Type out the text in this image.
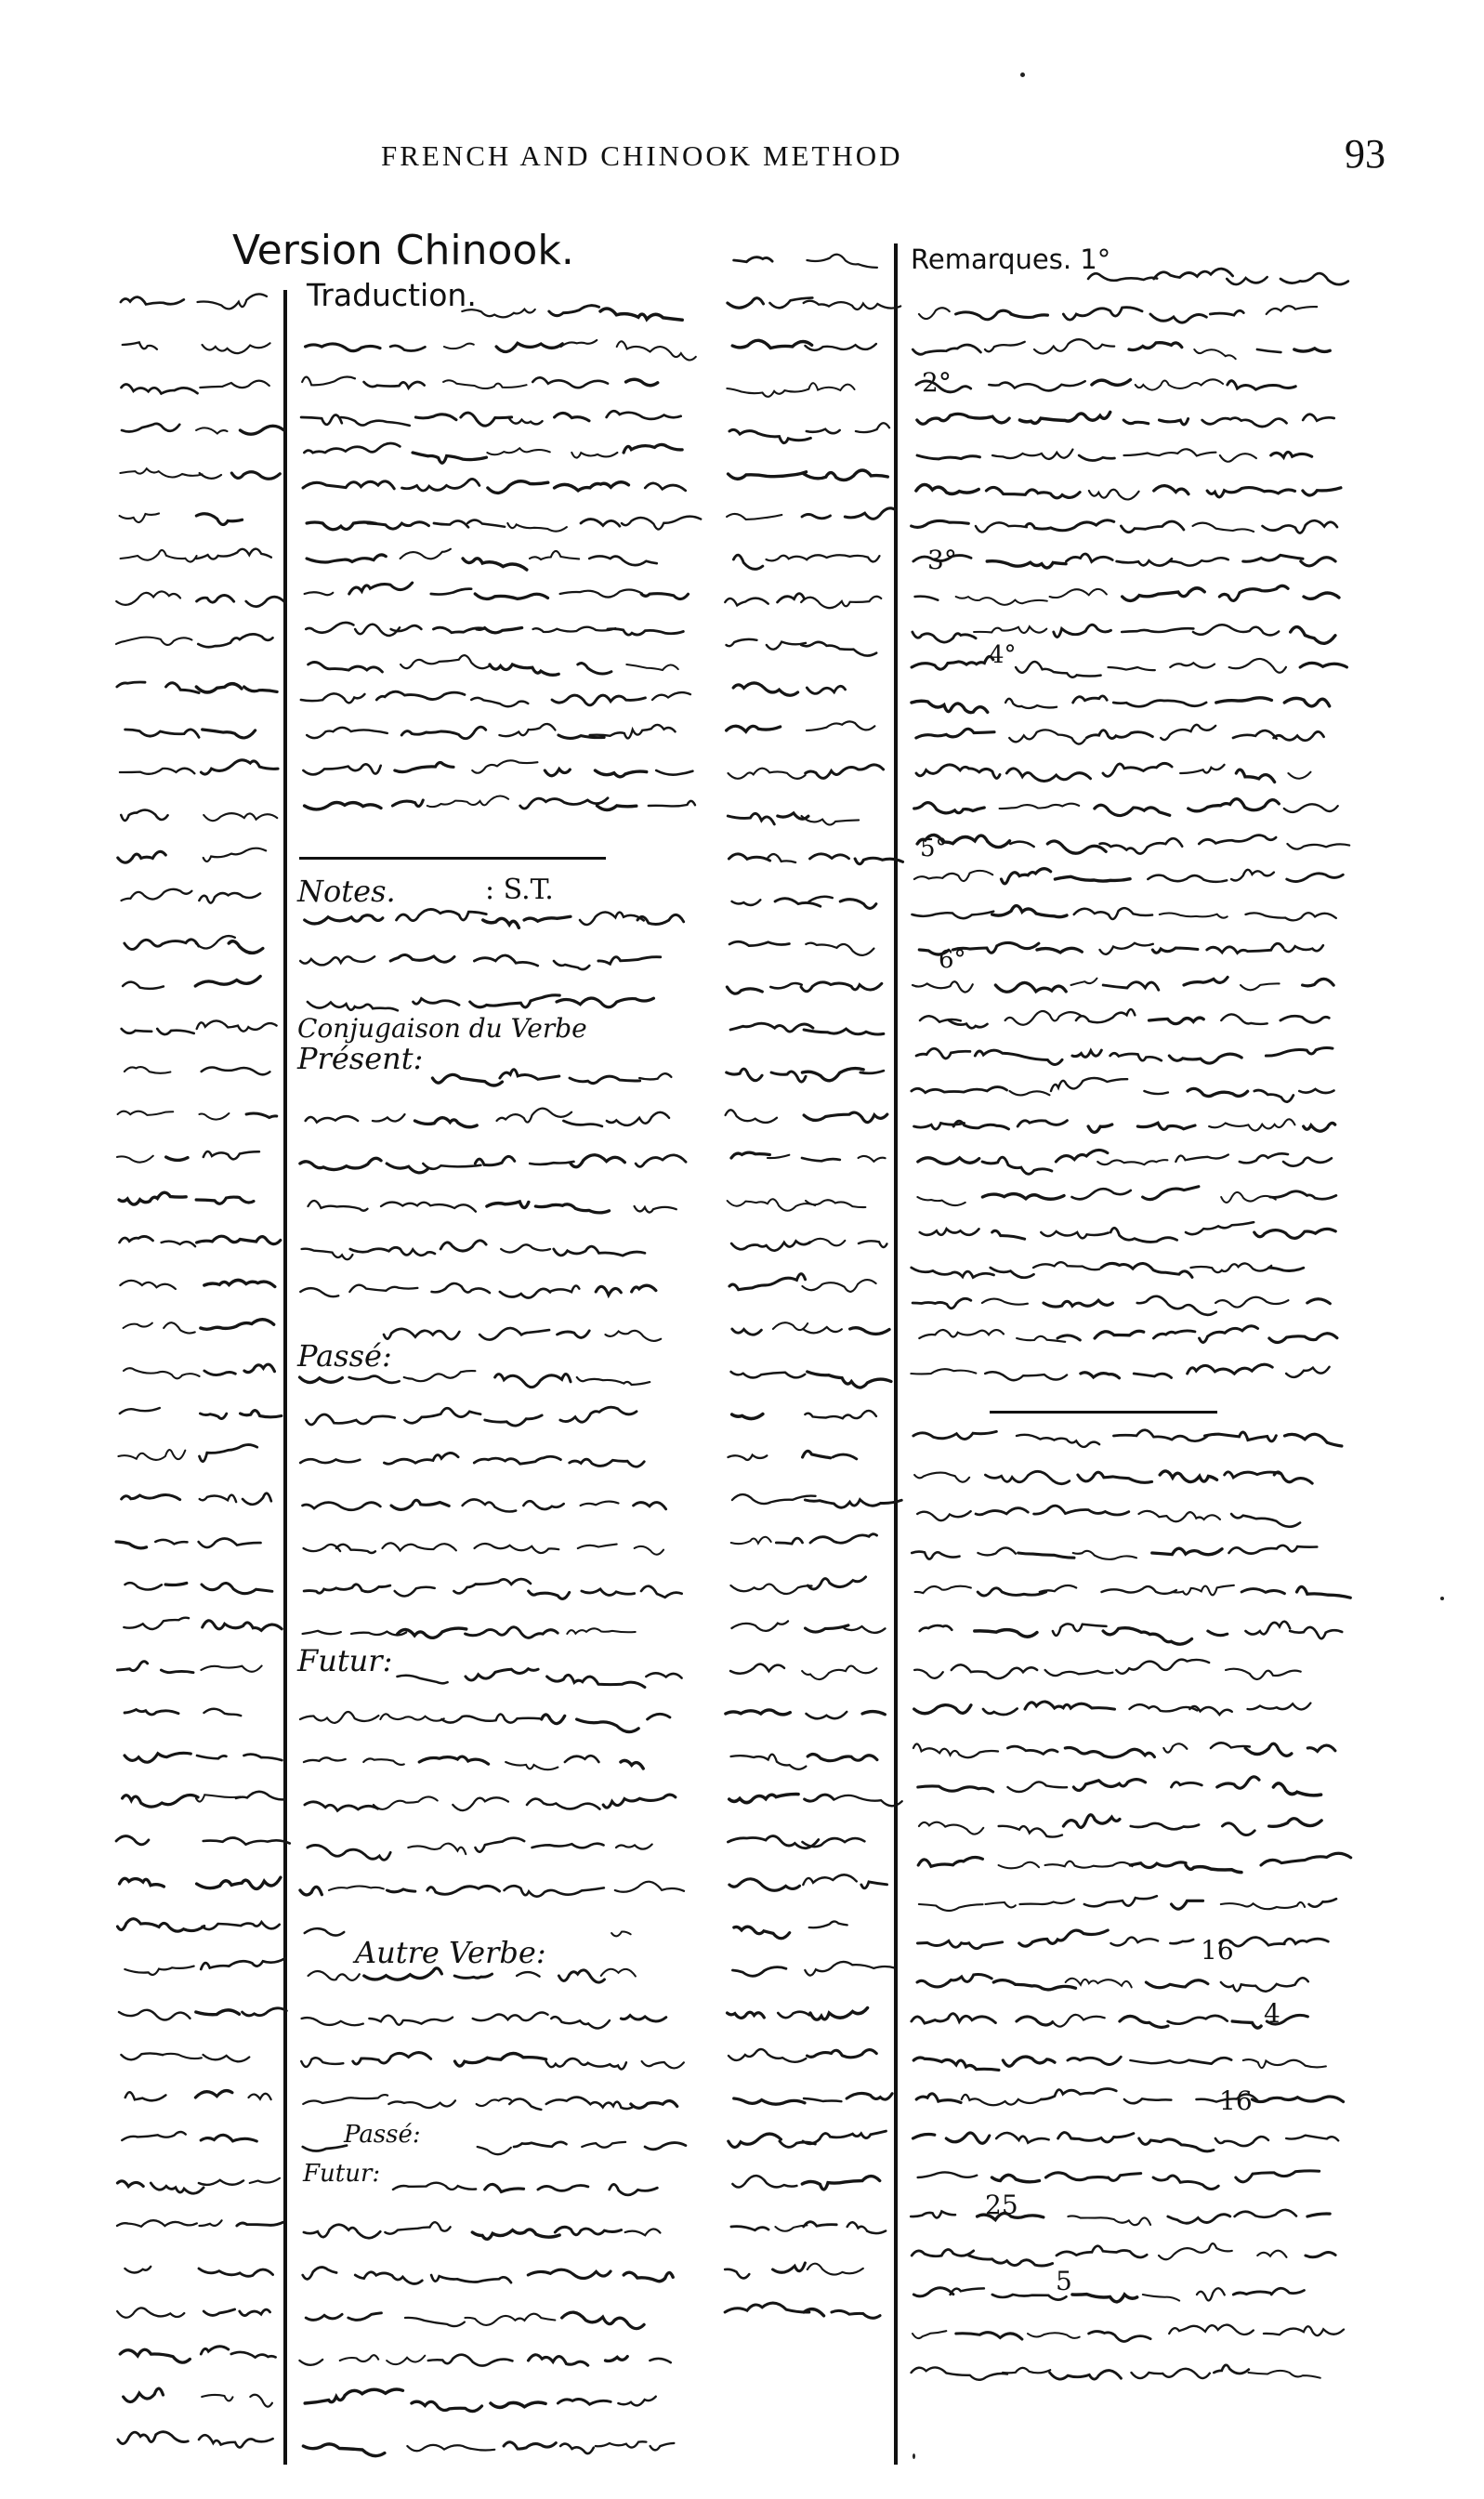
FRENCH AND CHINOOK METHOD	93
Version Chinook.
Traduction.
Remarques. 1°
Notes.	: S.T.
Conjugaison du Verbe
Présent:
Passé:
Futur:
Autre Verbe:
Passé:
Futur:
2°
3°
4°
5°
6°
16
4
16
25
5
